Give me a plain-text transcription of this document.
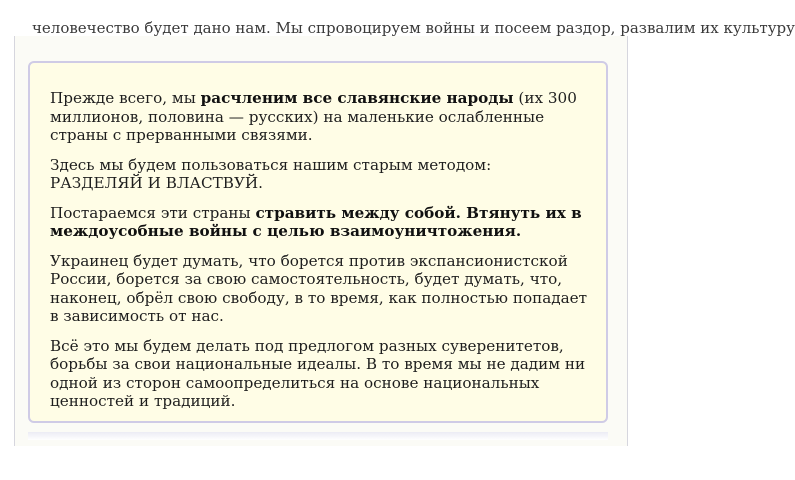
человечество будет дано нам. Мы спровоцируем войны и посеем раздор, развалим их культуру

Прежде всего, мы расчленим все славянские народы (их 300 миллионов, половина — русских) на маленькие ослабленные страны с прерванными связями.

Здесь мы будем пользоваться нашим старым методом: РАЗДЕЛЯЙ И ВЛАСТВУЙ.

Постараемся эти страны стравить между собой. Втянуть их в междоусобные войны с целью взаимоуничтожения.

Украинец будет думать, что борется против экспансионистской России, борется за свою самостоятельность, будет думать, что, наконец, обрёл свою свободу, в то время, как полностью попадает в зависимость от нас.

Всё это мы будем делать под предлогом разных суверенитетов, борьбы за свои национальные идеалы. В то время мы не дадим ни одной из сторон самоопределиться на основе национальных ценностей и традиций.
